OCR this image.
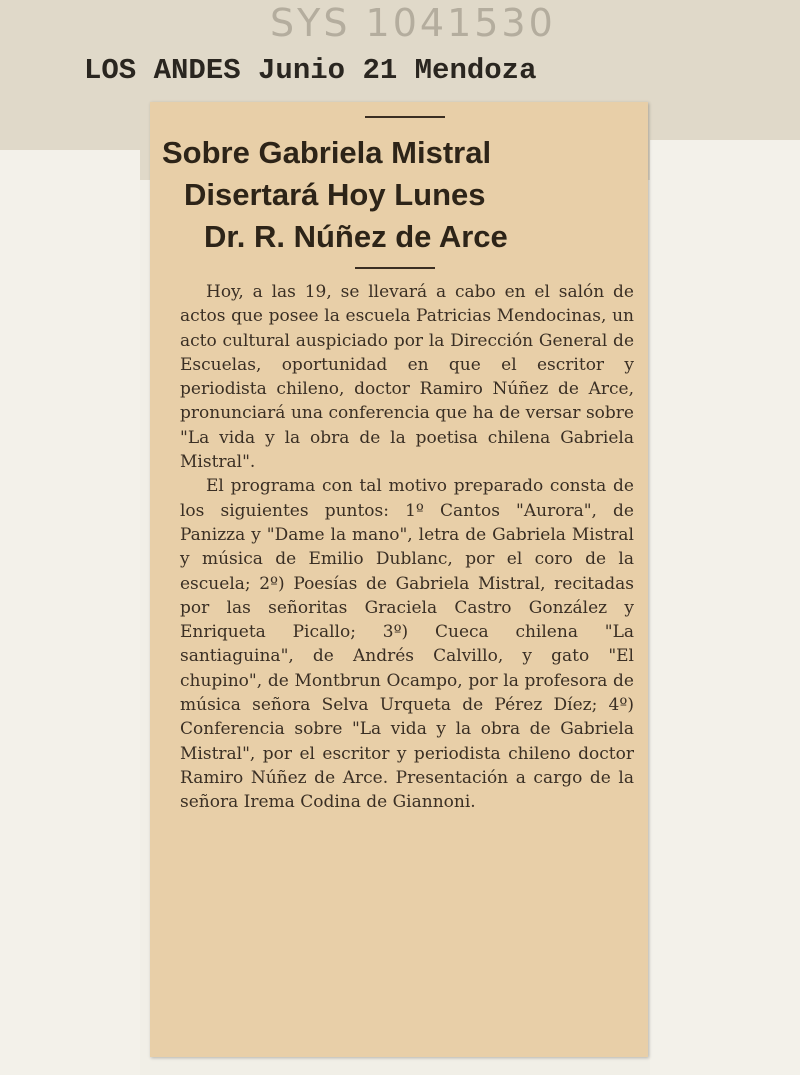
SYS 1041530
LOS ANDES Junio 21 Mendoza
Sobre Gabriela Mistral
Disertará Hoy Lunes
Dr. R. Núñez de Arce

Hoy, a las 19, se llevará a cabo en el salón de actos que posee la escuela Patricias Mendocinas, un acto cultural auspiciado por la Dirección General de Escuelas, oportunidad en que el escritor y periodista chileno, doctor Ramiro Núñez de Arce, pronunciará una conferencia que ha de versar sobre "La vida y la obra de la poetisa chilena Gabriela Mistral".

El programa con tal motivo preparado consta de los siguientes puntos: 1º Cantos "Aurora", de Panizza y "Dame la mano", letra de Gabriela Mistral y música de Emilio Dublanc, por el coro de la escuela; 2º) Poesías de Gabriela Mistral, recitadas por las señoritas Graciela Castro González y Enriqueta Picallo; 3º) Cueca chilena "La santiaguina", de Andrés Calvillo, y gato "El chupino", de Montbrun Ocampo, por la profesora de música señora Selva Urqueta de Pérez Díez; 4º) Conferencia sobre "La vida y la obra de Gabriela Mistral", por el escritor y periodista chileno doctor Ramiro Núñez de Arce. Presentación a cargo de la señora Irema Codina de Giannoni.
